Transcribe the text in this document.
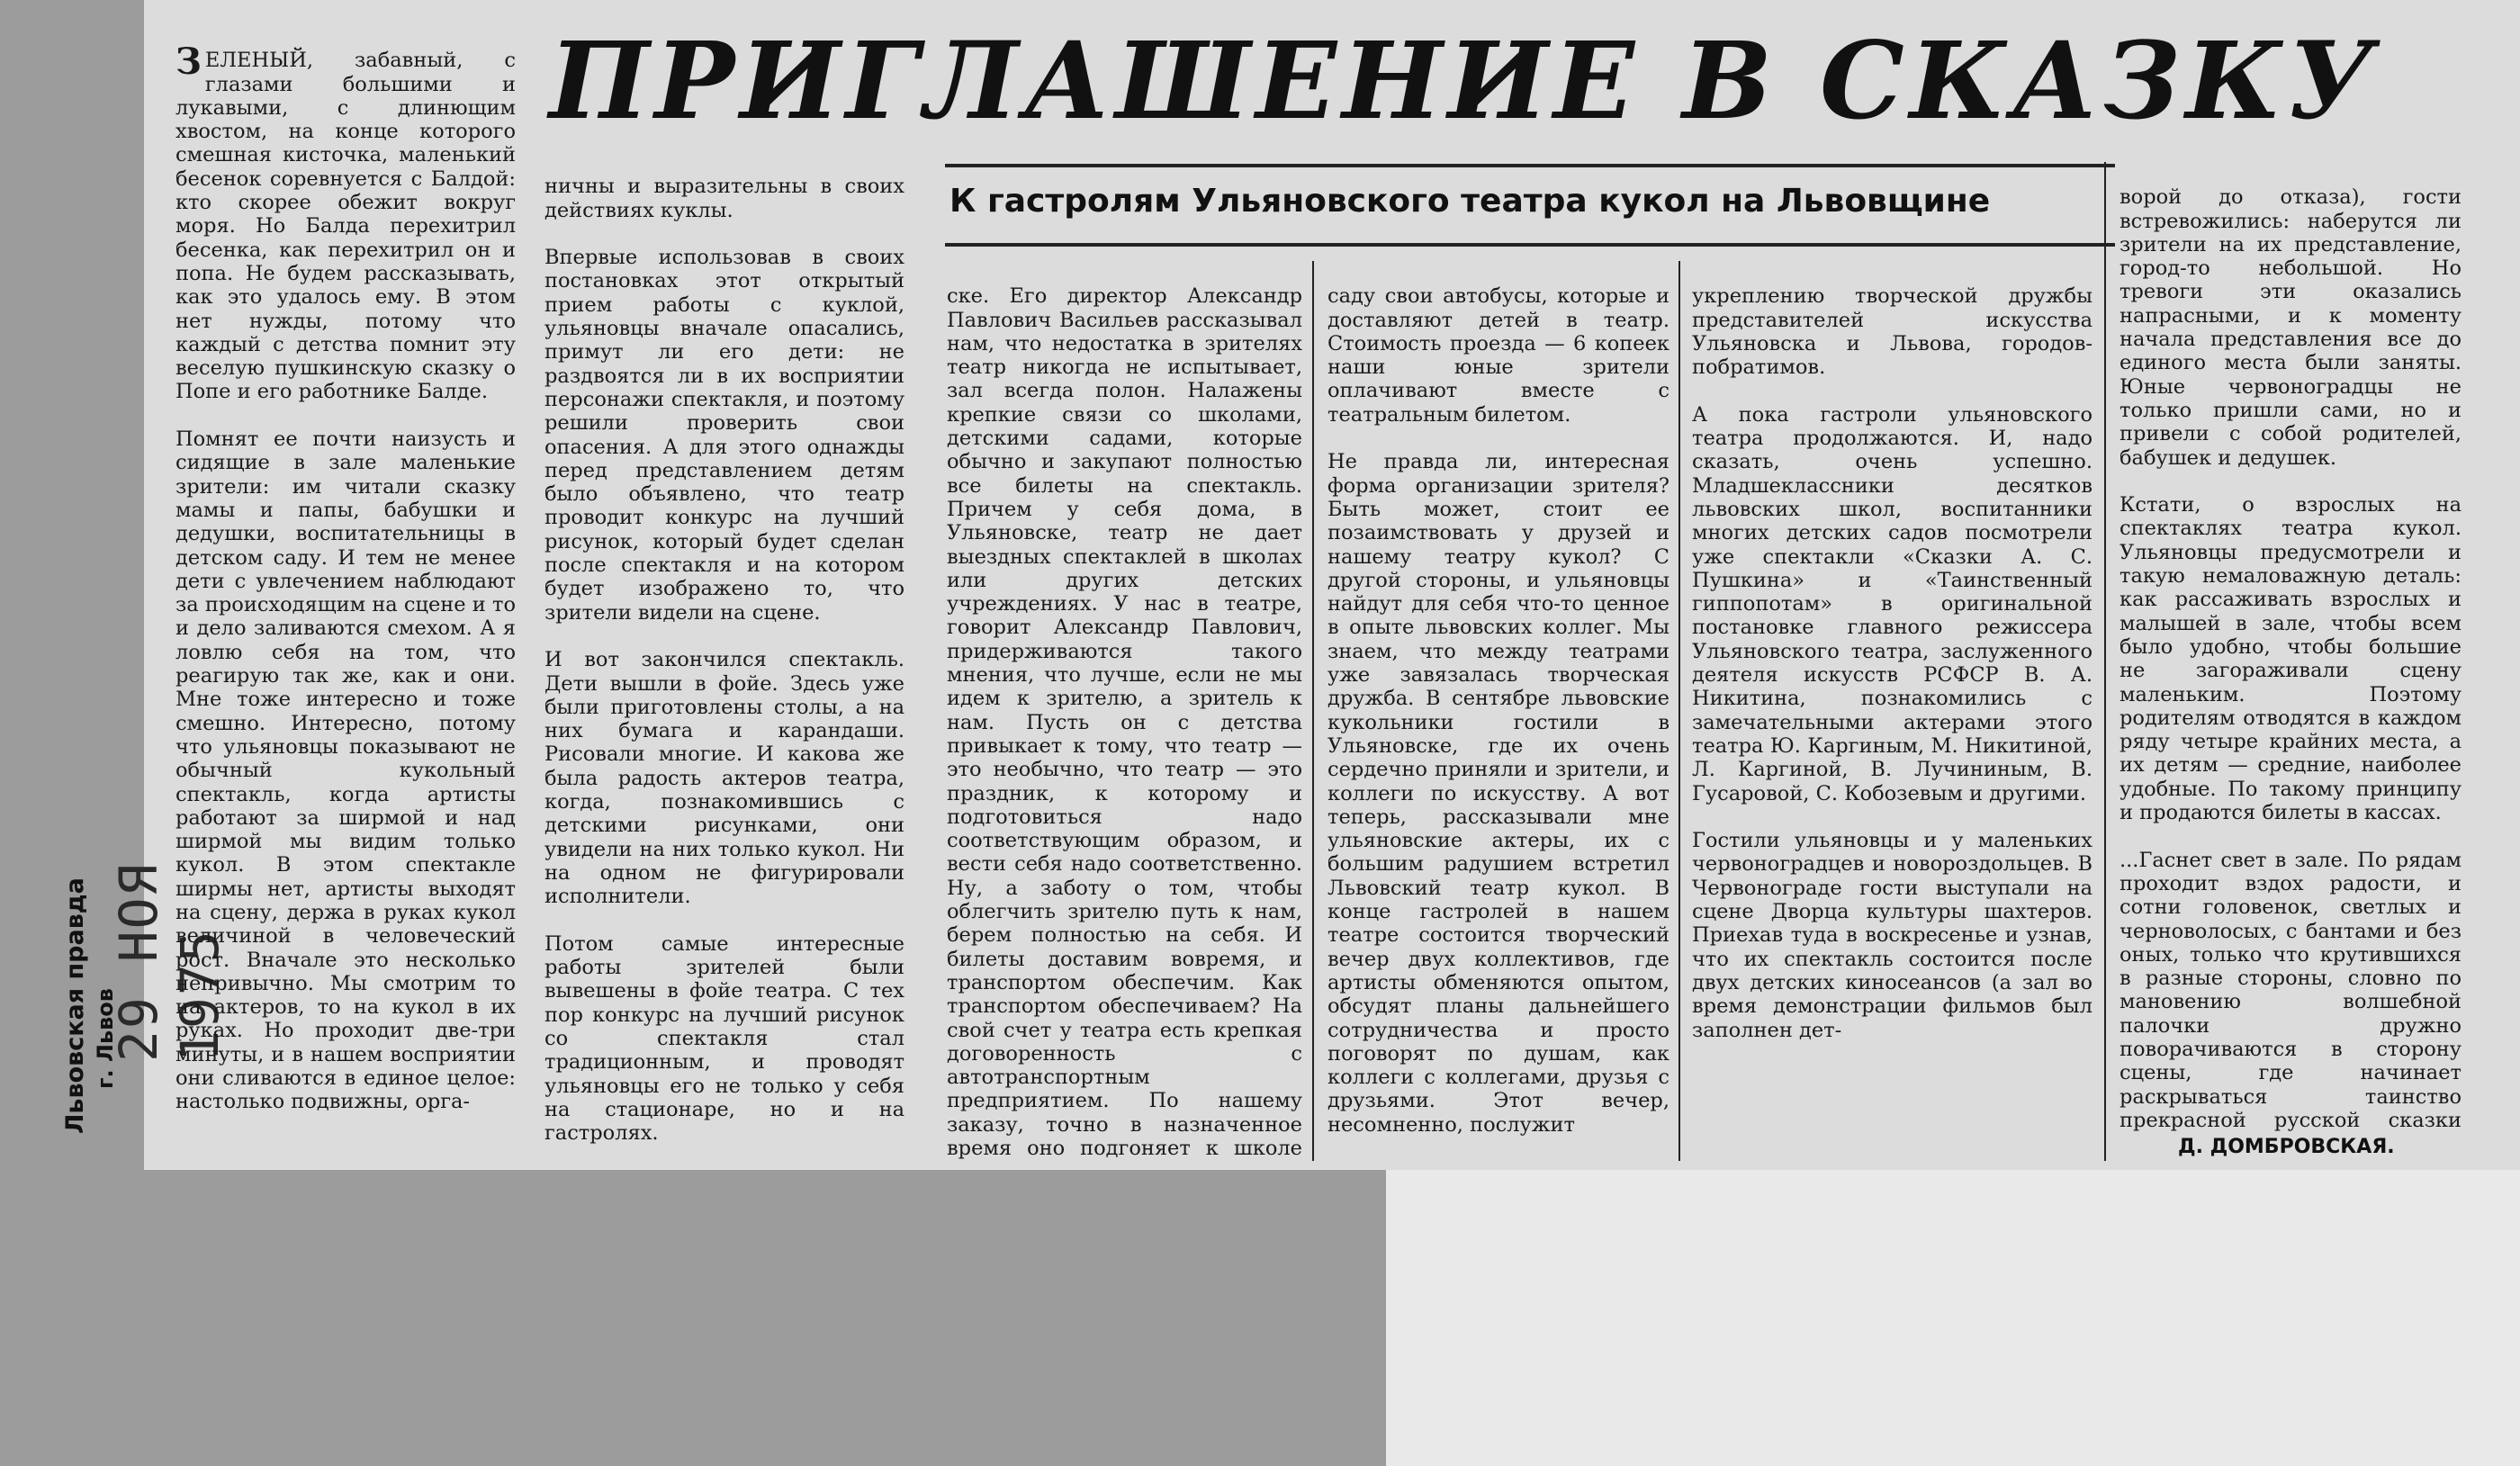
Львовская правда г. Львов
29 НОЯ 1975
ПРИГЛАШЕНИЕ В СКАЗКУ
К гастролям Ульяновского театра кукол на Львовщине

ЗЕЛЕНЫЙ, забавный, с глазами большими и лукавыми, с длинющим хвостом, на конце которого смешная кисточка, маленький бесенок соревнуется с Балдой: кто скорее обежит вокруг моря. Но Балда перехитрил бесенка, как перехитрил он и попа. Не будем рассказывать, как это удалось ему. В этом нет нужды, потому что каждый с детства помнит эту веселую пушкинскую сказку о Попе и его работнике Балде.

Помнят ее почти наизусть и сидящие в зале маленькие зрители: им читали сказку мамы и папы, бабушки и дедушки, воспитательницы в детском саду. И тем не менее дети с увлечением наблюдают за происходящим на сцене и то и дело заливаются смехом. А я ловлю себя на том, что реагирую так же, как и они. Мне тоже интересно и тоже смешно. Интересно, потому что ульяновцы показывают не обычный кукольный спектакль, когда артисты работают за ширмой и над ширмой мы видим только кукол. В этом спектакле ширмы нет, артисты выходят на сцену, держа в руках кукол величиной в человеческий рост. Вначале это несколько непривычно. Мы смотрим то на актеров, то на кукол в их руках. Но проходит две-три минуты, и в нашем восприятии они сливаются в единое целое: настолько подвижны, орга-

ничны и выразительны в своих действиях куклы.

Впервые использовав в своих постановках этот открытый прием работы с куклой, ульяновцы вначале опасались, примут ли его дети: не раздвоятся ли в их восприятии персонажи спектакля, и поэтому решили проверить свои опасения. А для этого однажды перед представлением детям было объявлено, что театр проводит конкурс на лучший рисунок, который будет сделан после спектакля и на котором будет изображено то, что зрители видели на сцене.

И вот закончился спектакль. Дети вышли в фойе. Здесь уже были приготовлены столы, а на них бумага и карандаши. Рисовали многие. И какова же была радость актеров театра, когда, познакомившись с детскими рисунками, они увидели на них только кукол. Ни на одном не фигурировали исполнители.

Потом самые интересные работы зрителей были вывешены в фойе театра. С тех пор конкурс на лучший рисунок со спектакля стал традиционным, и проводят ульяновцы его не только у себя на стационаре, но и на гастролях.

ске. Его директор Александр Павлович Васильев рассказывал нам, что недостатка в зрителях театр никогда не испытывает, зал всегда полон. Налажены крепкие связи со школами, детскими садами, которые обычно и закупают полностью все билеты на спектакль. Причем у себя дома, в Ульяновске, театр не дает выездных спектаклей в школах или других детских учреждениях. У нас в театре, говорит Александр Павлович, придерживаются такого мнения, что лучше, если не мы идем к зрителю, а зритель к нам. Пусть он с детства привыкает к тому, что театр — это необычно, что театр — это праздник, к которому и подготовиться надо соответствующим образом, и вести себя надо соответственно. Ну, а заботу о том, чтобы облегчить зрителю путь к нам, берем полностью на себя. И билеты доставим вовремя, и транспортом обеспечим. Как транспортом обеспечиваем? На свой счет у театра есть крепкая договоренность с автотранспортным предприятием. По нашему заказу, точно в назначенное время оно подгоняет к школе

саду свои автобусы, которые и доставляют детей в театр. Стоимость проезда — 6 копеек наши юные зрители оплачивают вместе с театральным билетом.

Не правда ли, интересная форма организации зрителя? Быть может, стоит ее позаимствовать у друзей и нашему театру кукол? С другой стороны, и ульяновцы найдут для себя что-то ценное в опыте львовских коллег. Мы знаем, что между театрами уже завязалась творческая дружба. В сентябре львовские кукольники гостили в Ульяновске, где их очень сердечно приняли и зрители, и коллеги по искусству. А вот теперь, рассказывали мне ульяновские актеры, их с большим радушием встретил Львовский театр кукол. В конце гастролей в нашем театре состоится творческий вечер двух коллективов, где артисты обменяются опытом, обсудят планы дальнейшего сотрудничества и просто поговорят по душам, как коллеги с коллегами, друзья с друзьями. Этот вечер, несомненно, послужит

укреплению творческой дружбы представителей искусства Ульяновска и Львова, городов-побратимов.

А пока гастроли ульяновского театра продолжаются. И, надо сказать, очень успешно. Младшеклассники десятков львовских школ, воспитанники многих детских садов посмотрели уже спектакли «Сказки А. С. Пушкина» и «Таинственный гиппопотам» в оригинальной постановке главного режиссера Ульяновского театра, заслуженного деятеля искусств РСФСР В. А. Никитина, познакомились с замечательными актерами этого театра Ю. Каргиным, М. Никитиной, Л. Каргиной, В. Лучининым, В. Гусаровой, С. Кобозевым и другими.

Гостили ульяновцы и у маленьких червоноградцев и новороздольцев. В Червонограде гости выступали на сцене Дворца культуры шахтеров. Приехав туда в воскресенье и узнав, что их спектакль состоится после двух детских киносеансов (а зал во время демонстрации фильмов был заполнен дет-

ворой до отказа), гости встревожились: наберутся ли зрители на их представление, город-то небольшой. Но тревоги эти оказались напрасными, и к моменту начала представления все до единого места были заняты. Юные червоноградцы не только пришли сами, но и привели с собой родителей, бабушек и дедушек.

Кстати, о взрослых на спектаклях театра кукол. Ульяновцы предусмотрели и такую немаловажную деталь: как рассаживать взрослых и малышей в зале, чтобы всем было удобно, чтобы большие не загораживали сцену маленьким. Поэтому родителям отводятся в каждом ряду четыре крайних места, а их детям — средние, наиболее удобные. По такому принципу и продаются билеты в кассах.

...Гаснет свет в зале. По рядам проходит вздох радости, и сотни головенок, светлых и черноволосых, с бантами и без оных, только что крутившихся в разные стороны, словно по мановению волшебной палочки дружно поворачиваются в сторону сцены, где начинает раскрываться таинство прекрасной русской сказки

Д. ДОМБРОВСКАЯ.
